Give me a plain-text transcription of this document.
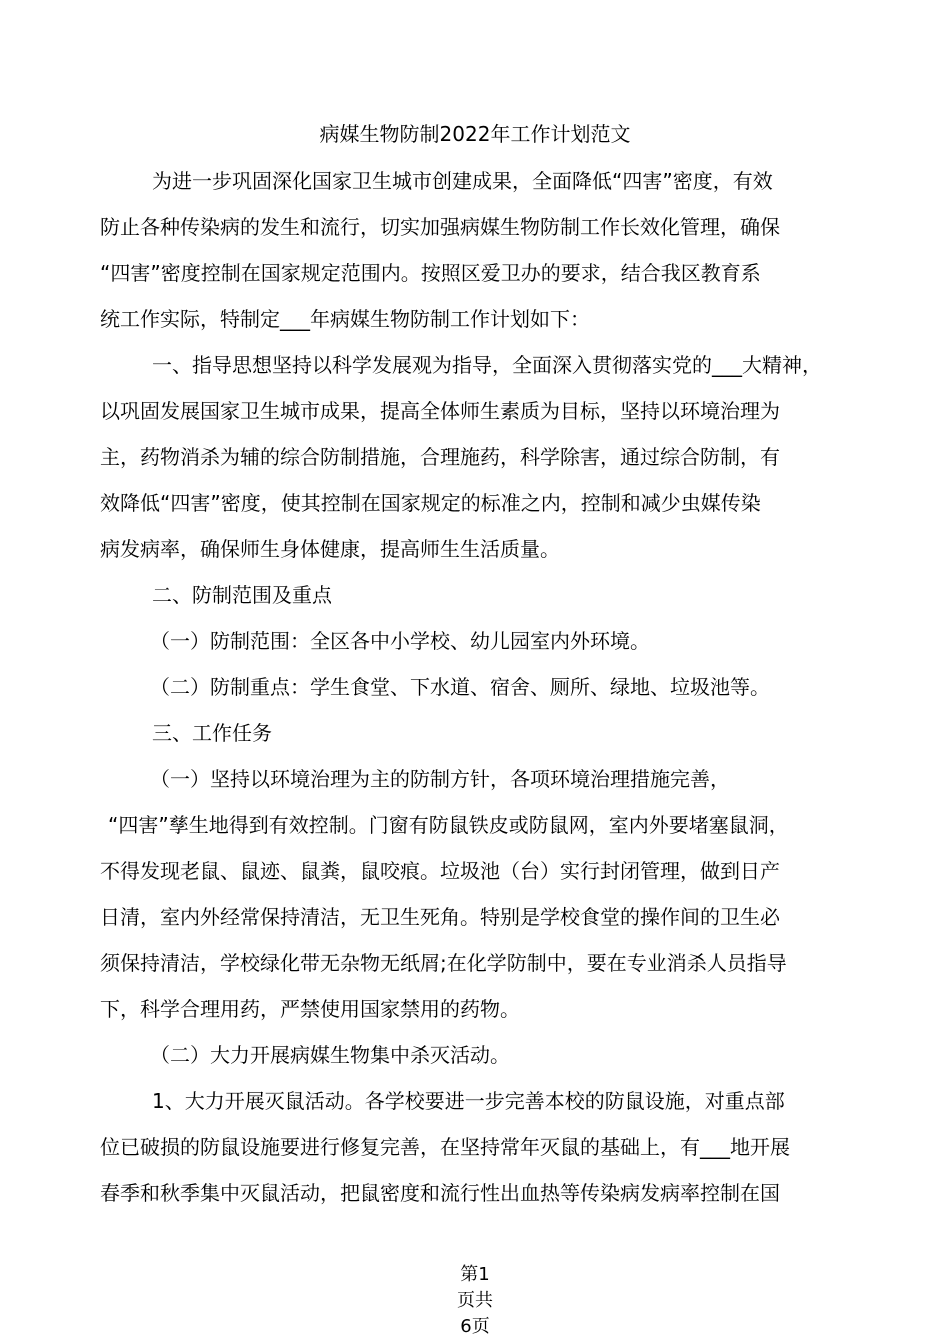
病媒生物防制2022年工作计划范文
为进一步巩固深化国家卫生城市创建成果，全面降低“四害”密度，有效
防止各种传染病的发生和流行，切实加强病媒生物防制工作长效化管理，确保
“四害”密度控制在国家规定范围内。按照区爱卫办的要求，结合我区教育系
统工作实际，特制定___年病媒生物防制工作计划如下：
一、指导思想坚持以科学发展观为指导，全面深入贯彻落实党的___大精神，
以巩固发展国家卫生城市成果，提高全体师生素质为目标，坚持以环境治理为
主，药物消杀为辅的综合防制措施，合理施药，科学除害，通过综合防制，有
效降低“四害”密度，使其控制在国家规定的标准之内，控制和减少虫媒传染
病发病率，确保师生身体健康，提高师生生活质量。
二、防制范围及重点
（一）防制范围：全区各中小学校、幼儿园室内外环境。
（二）防制重点：学生食堂、下水道、宿舍、厕所、绿地、垃圾池等。
三、工作任务
（一）坚持以环境治理为主的防制方针，各项环境治理措施完善，
“四害”孳生地得到有效控制。门窗有防鼠铁皮或防鼠网，室内外要堵塞鼠洞，
不得发现老鼠、鼠迹、鼠粪，鼠咬痕。垃圾池（台）实行封闭管理，做到日产
日清，室内外经常保持清洁，无卫生死角。特别是学校食堂的操作间的卫生必
须保持清洁，学校绿化带无杂物无纸屑;在化学防制中，要在专业消杀人员指导
下，科学合理用药，严禁使用国家禁用的药物。
（二）大力开展病媒生物集中杀灭活动。
1、大力开展灭鼠活动。各学校要进一步完善本校的防鼠设施，对重点部
位已破损的防鼠设施要进行修复完善，在坚持常年灭鼠的基础上，有___地开展
春季和秋季集中灭鼠活动，把鼠密度和流行性出血热等传染病发病率控制在国
第1
页共
6页
